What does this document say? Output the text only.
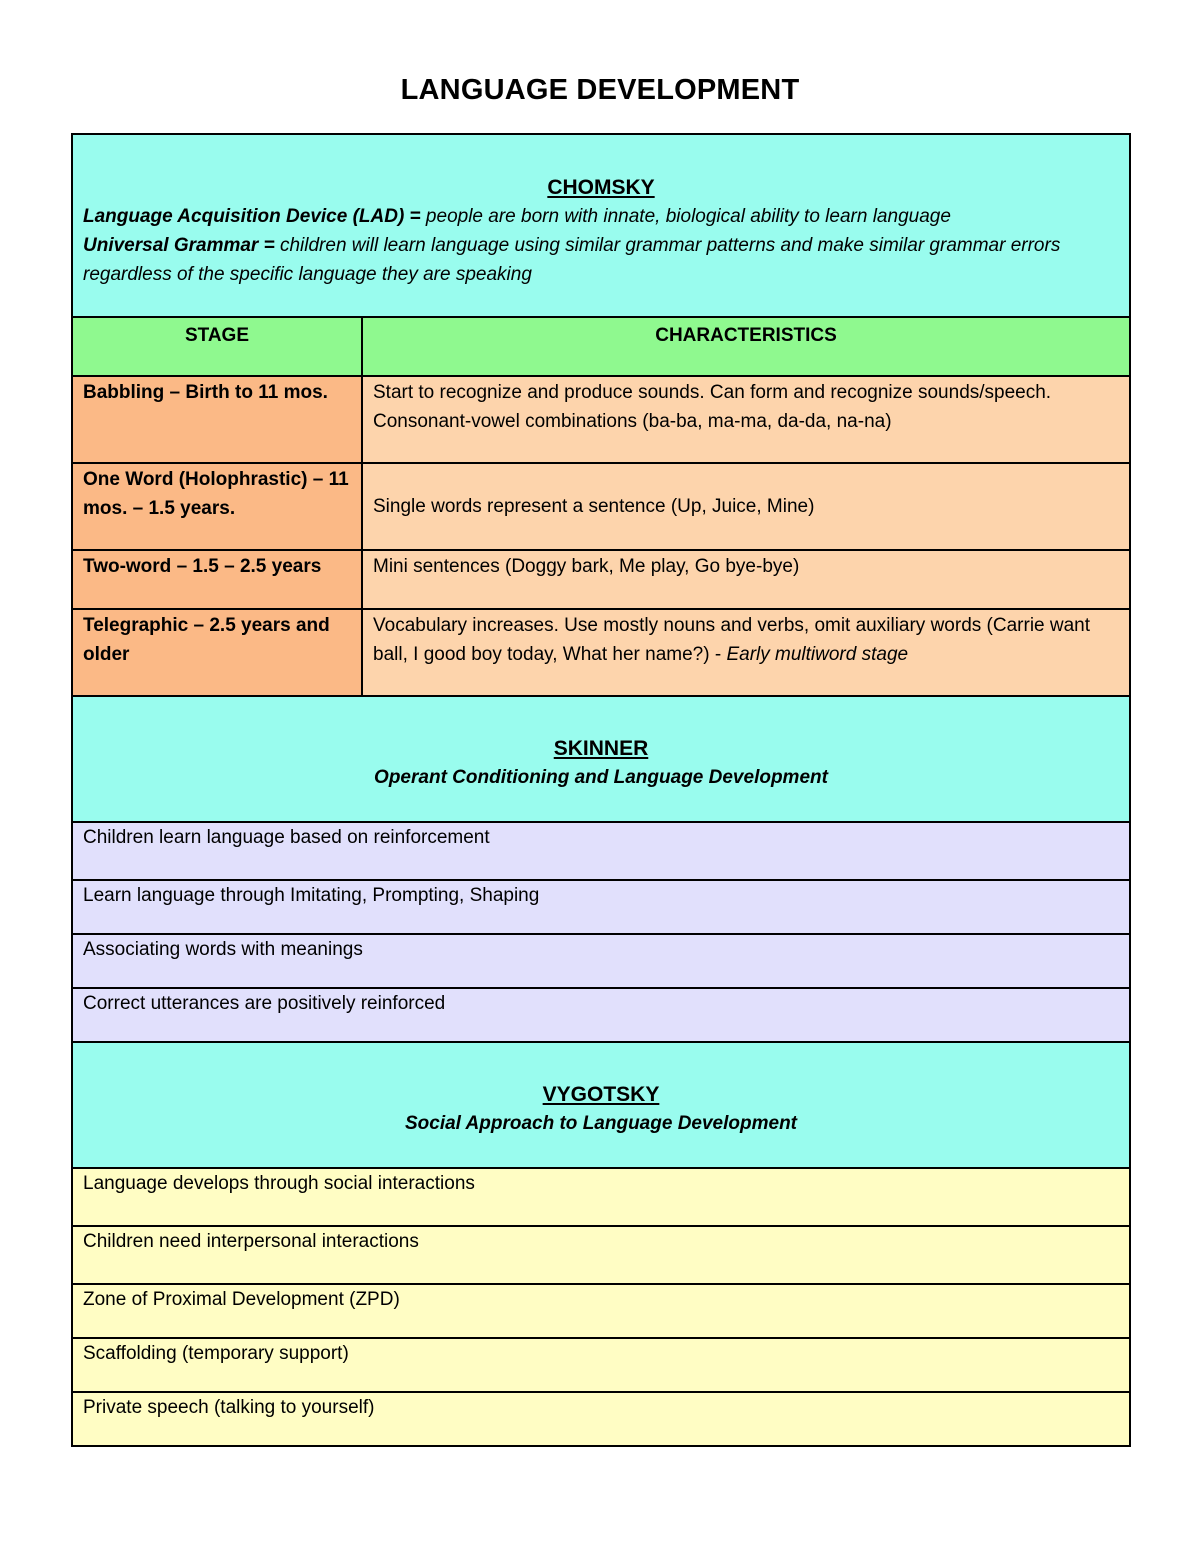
LANGUAGE DEVELOPMENT
CHOMSKY
Language Acquisition Device (LAD) = people are born with innate, biological ability to learn language
Universal Grammar = children will learn language using similar grammar patterns and make similar grammar errors regardless of the specific language they are speaking	

STAGE	CHARACTERISTICS
Babbling – Birth to 11 mos.	Start to recognize and produce sounds. Can form and recognize sounds/speech.
Consonant-vowel combinations (ba-ba, ma-ma, da-da, na-na)

One Word (Holophrastic) – 11 mos. – 1.5 years.	Single words represent a sentence (Up, Juice, Mine)
Two-word – 1.5 – 2.5 years	Mini sentences (Doggy bark, Me play, Go bye-bye)
Telegraphic – 2.5 years and older	Vocabulary increases. Use mostly nouns and verbs, omit auxiliary words (Carrie want ball, I good boy today, What her name?) - Early multiword stage

SKINNER
Operant Conditioning and Language Development	

Children learn language based on reinforcement	
Learn language through Imitating, Prompting, Shaping	
Associating words with meanings	
Correct utterances are positively reinforced	

VYGOTSKY
Social Approach to Language Development	

Language develops through social interactions	
Children need interpersonal interactions	
Zone of Proximal Development (ZPD)	
Scaffolding (temporary support)	
Private speech (talking to yourself)	
